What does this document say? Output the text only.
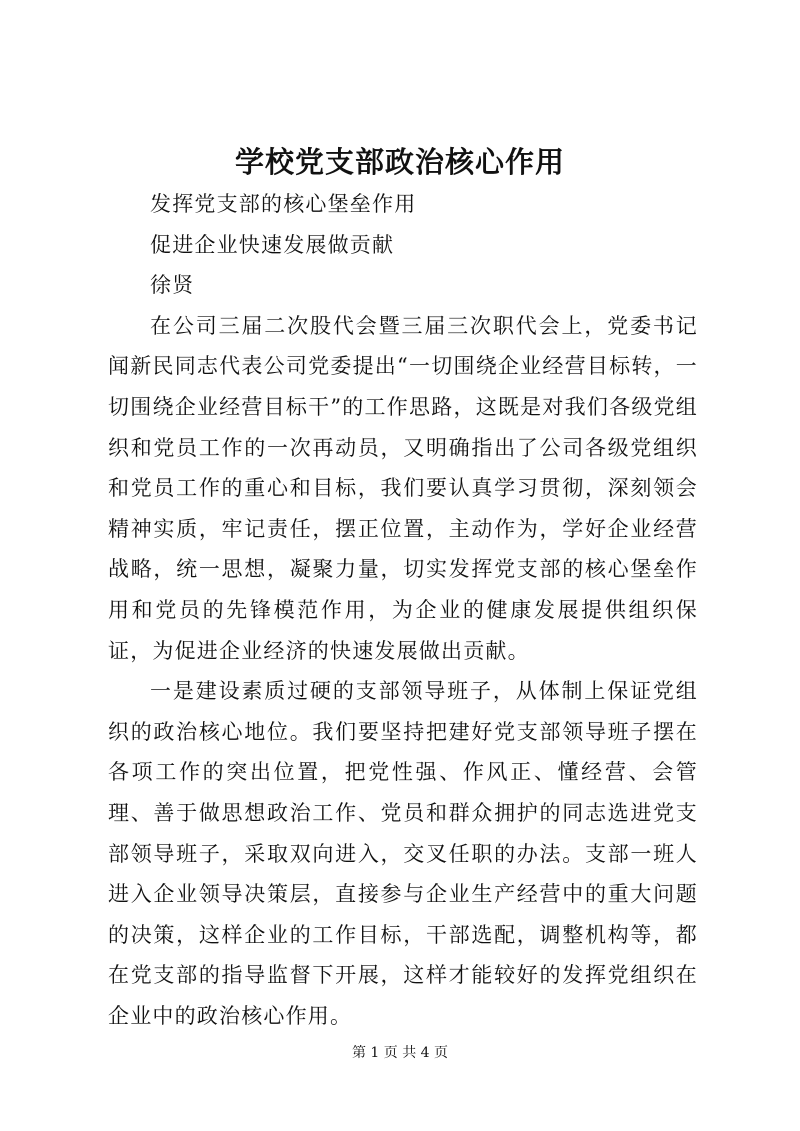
学校党支部政治核心作用

发挥党支部的核心堡垒作用

促进企业快速发展做贡献

徐贤

在公司三届二次股代会暨三届三次职代会上，党委书记闻新民同志代表公司党委提出“一切围绕企业经营目标转，一切围绕企业经营目标干”的工作思路，这既是对我们各级党组织和党员工作的一次再动员，又明确指出了公司各级党组织和党员工作的重心和目标，我们要认真学习贯彻，深刻领会精神实质，牢记责任，摆正位置，主动作为，学好企业经营战略，统一思想，凝聚力量，切实发挥党支部的核心堡垒作用和党员的先锋模范作用，为企业的健康发展提供组织保证，为促进企业经济的快速发展做出贡献。

一是建设素质过硬的支部领导班子，从体制上保证党组织的政治核心地位。我们要坚持把建好党支部领导班子摆在各项工作的突出位置，把党性强、作风正、懂经营、会管理、善于做思想政治工作、党员和群众拥护的同志选进党支部领导班子，采取双向进入，交叉任职的办法。支部一班人进入企业领导决策层，直接参与企业生产经营中的重大问题的决策，这样企业的工作目标，干部选配，调整机构等，都在党支部的指导监督下开展，这样才能较好的发挥党组织在企业中的政治核心作用。

第 1 页 共 4 页
